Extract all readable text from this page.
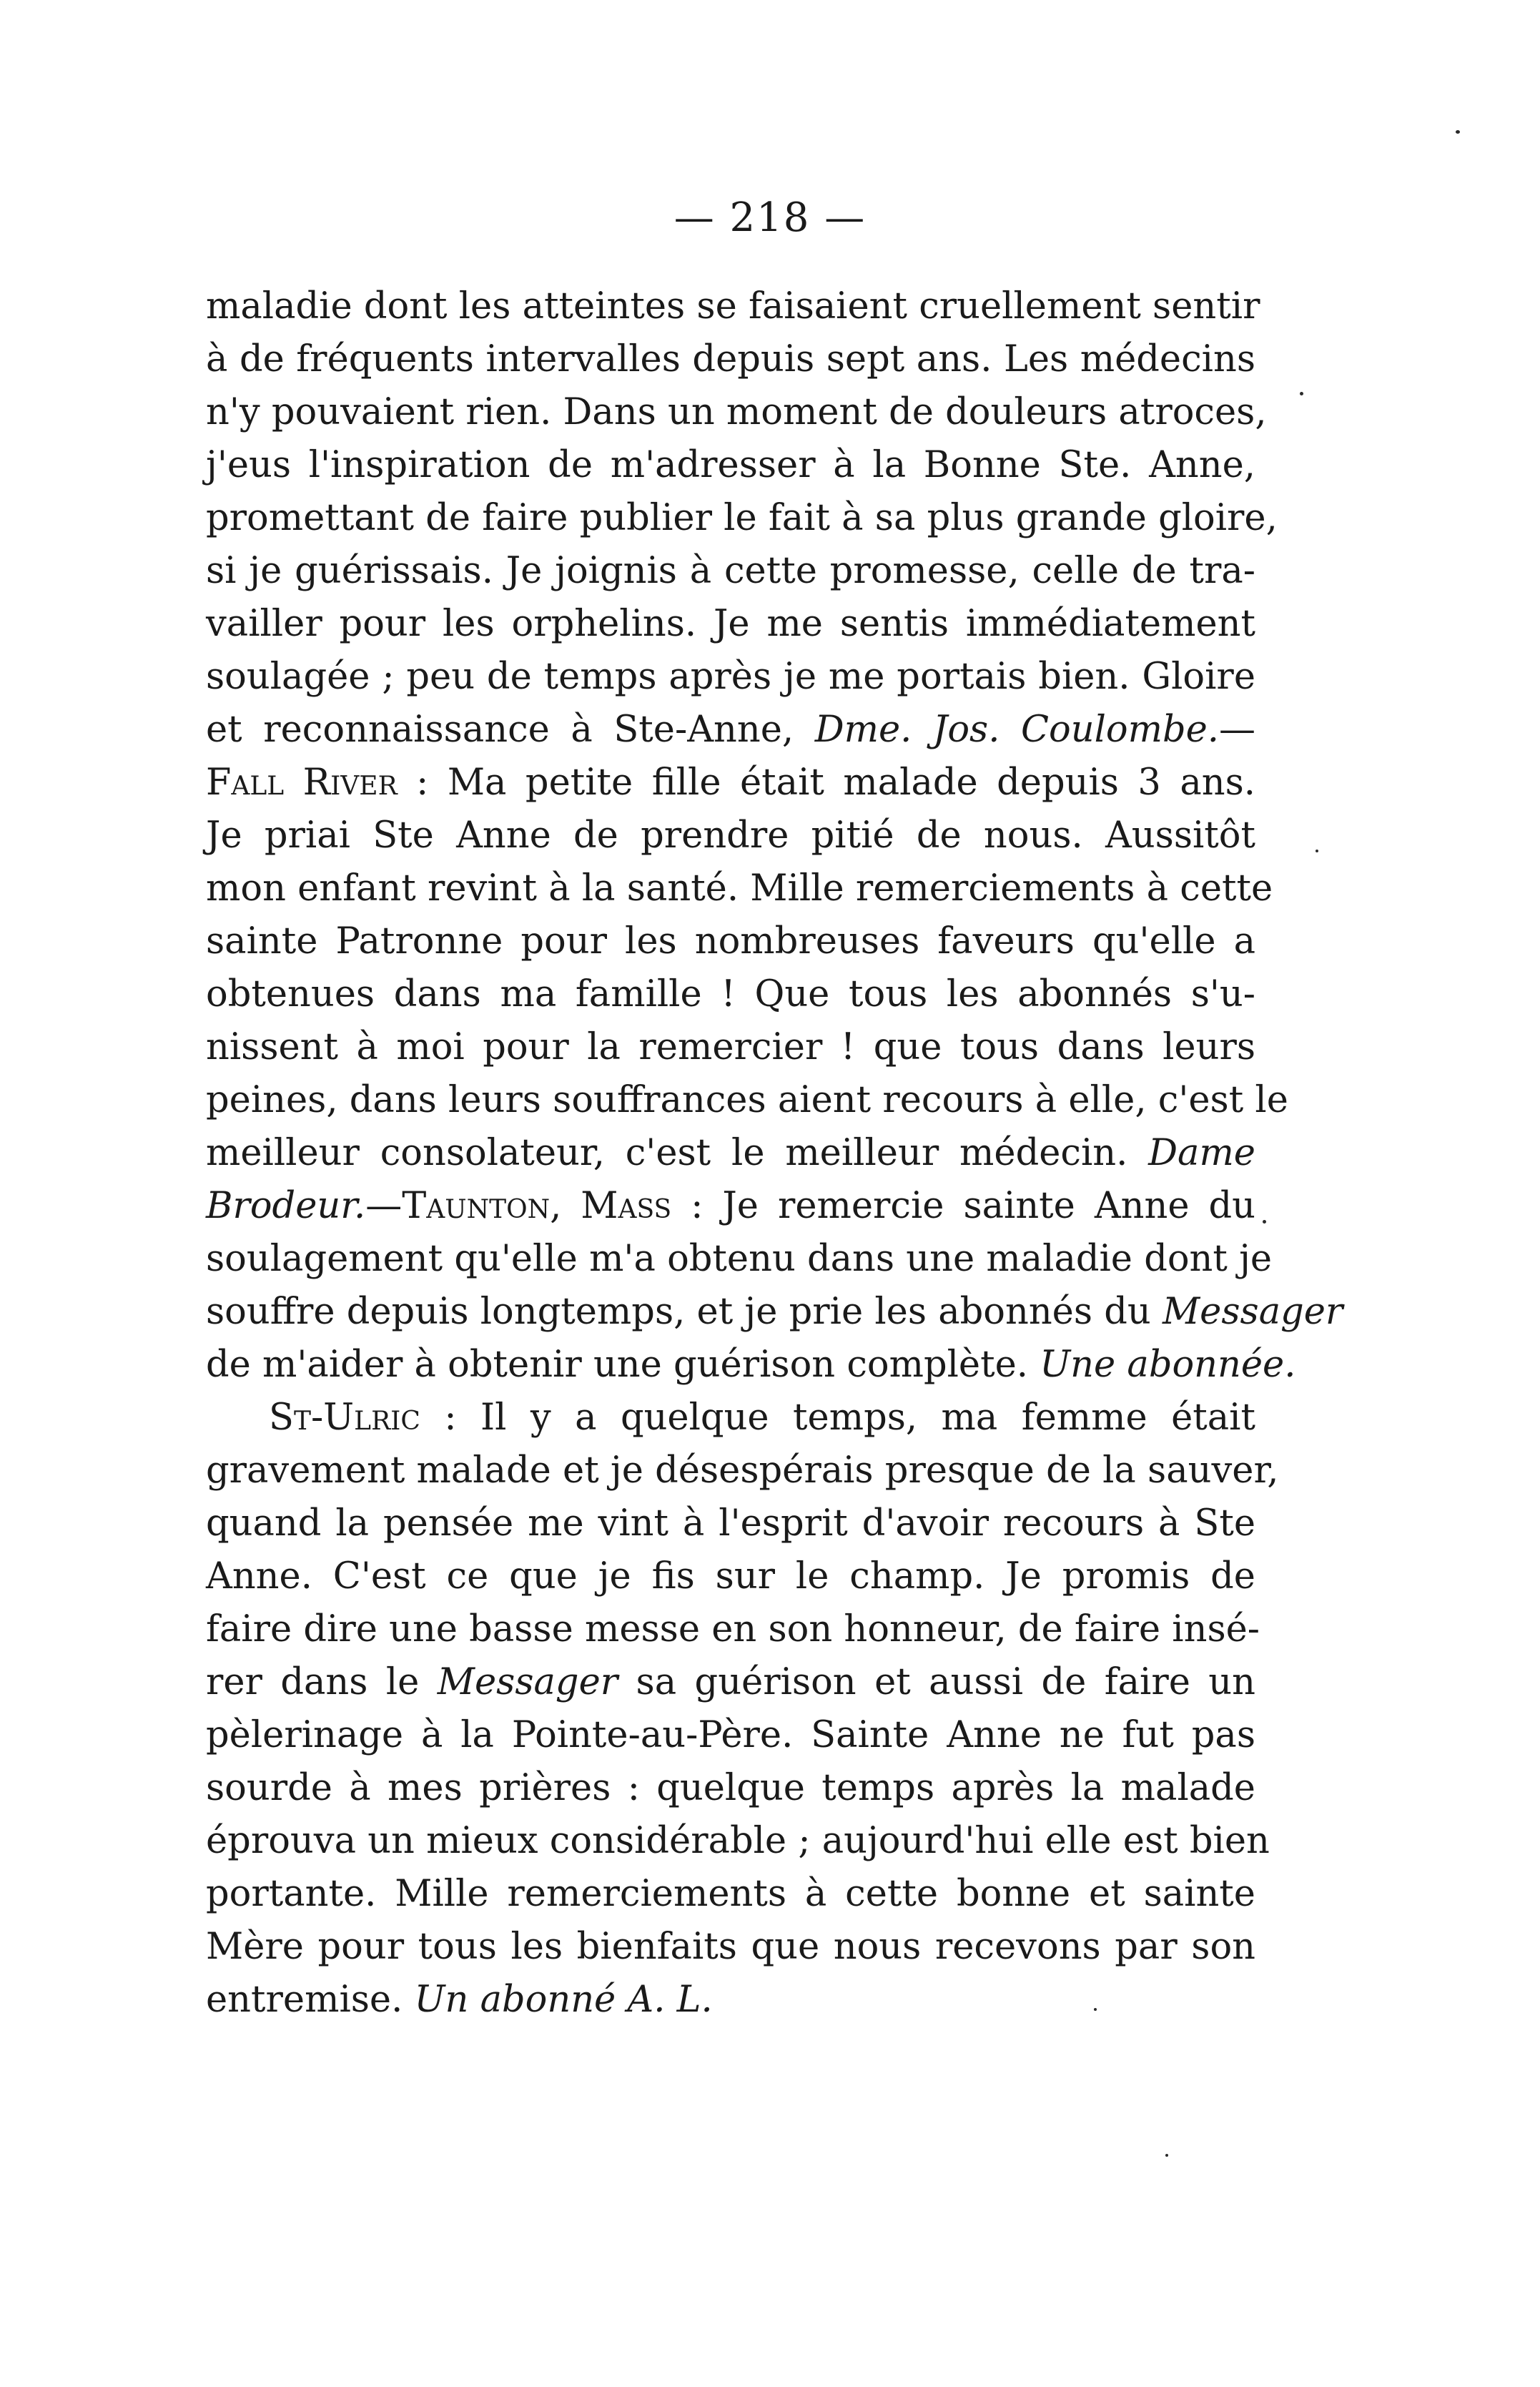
— 218 —
maladie dont les atteintes se faisaient cruellement sentir
à de fréquents intervalles depuis sept ans. Les médecins
n'y pouvaient rien. Dans un moment de douleurs atroces,
j'eus l'inspiration de m'adresser à la Bonne Ste. Anne,
promettant de faire publier le fait à sa plus grande gloire,
si je guérissais. Je joignis à cette promesse, celle de tra-
vailler pour les orphelins. Je me sentis immédiatement
soulagée ; peu de temps après je me portais bien. Gloire
et reconnaissance à Ste-Anne, Dme. Jos. Coulombe.—
Fall River : Ma petite fille était malade depuis 3 ans.
Je priai Ste Anne de prendre pitié de nous. Aussitôt
mon enfant revint à la santé. Mille remerciements à cette
sainte Patronne pour les nombreuses faveurs qu'elle a
obtenues dans ma famille ! Que tous les abonnés s'u-
nissent à moi pour la remercier ! que tous dans leurs
peines, dans leurs souffrances aient recours à elle, c'est le
meilleur consolateur, c'est le meilleur médecin. Dame
Brodeur.—Taunton, Mass : Je remercie sainte Anne du
soulagement qu'elle m'a obtenu dans une maladie dont je
souffre depuis longtemps, et je prie les abonnés du Messager
de m'aider à obtenir une guérison complète. Une abonnée.
St-Ulric : Il y a quelque temps, ma femme était
gravement malade et je désespérais presque de la sauver,
quand la pensée me vint à l'esprit d'avoir recours à Ste
Anne. C'est ce que je fis sur le champ. Je promis de
faire dire une basse messe en son honneur, de faire insé-
rer dans le Messager sa guérison et aussi de faire un
pèlerinage à la Pointe-au-Père. Sainte Anne ne fut pas
sourde à mes prières : quelque temps après la malade
éprouva un mieux considérable ; aujourd'hui elle est bien
portante. Mille remerciements à cette bonne et sainte
Mère pour tous les bienfaits que nous recevons par son
entremise. Un abonné A. L.
